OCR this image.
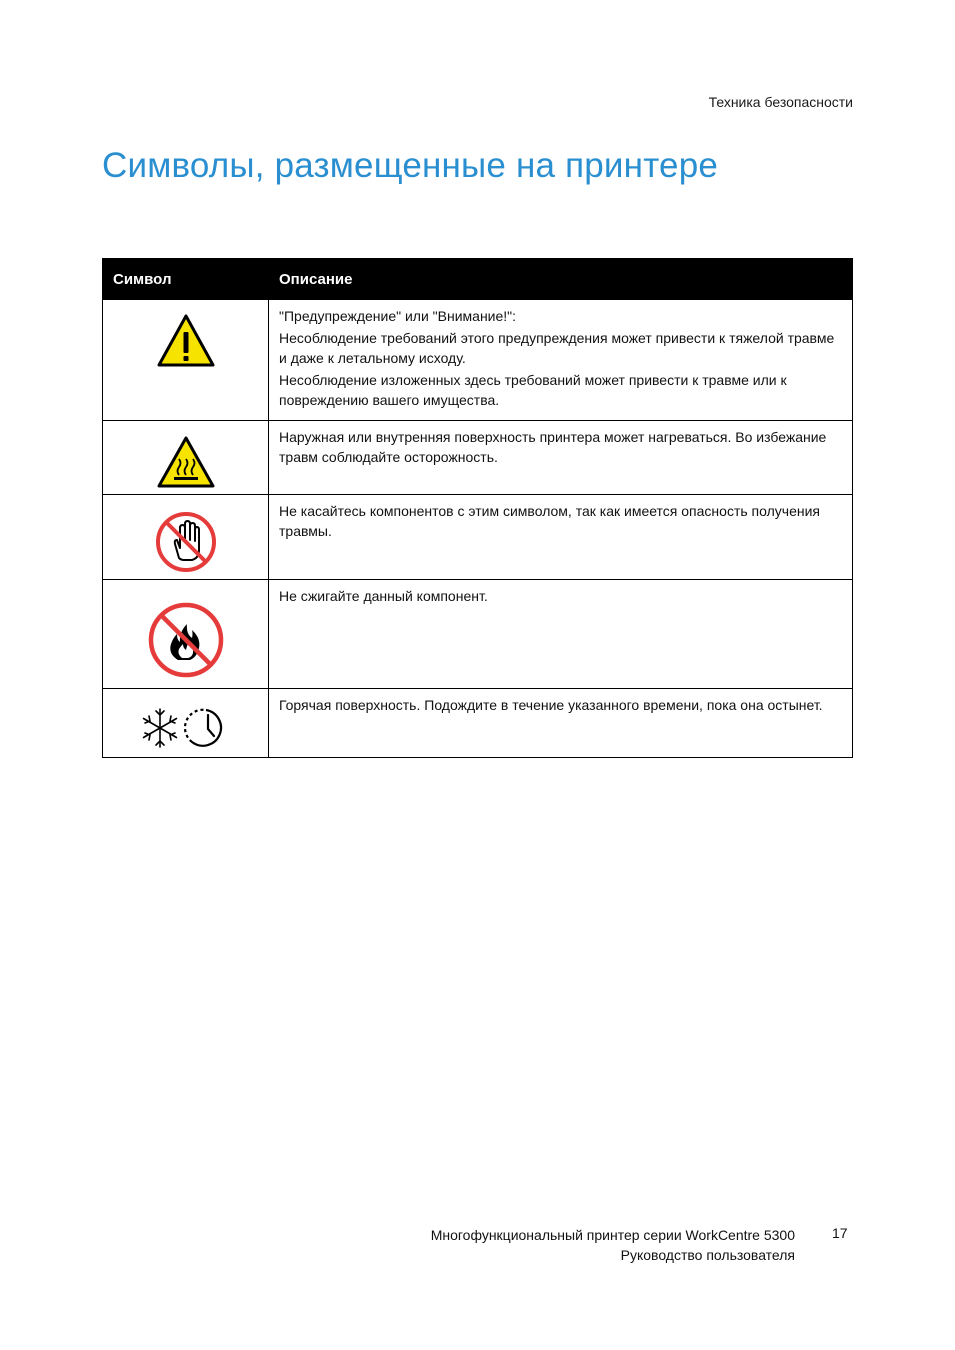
Техника безопасности
Символы, размещенные на принтере
Символ	Описание

"Предупреждение" или "Внимание!":
Несоблюдение требований этого предупреждения может привести к тяжелой травме и даже к летальному исходу.
Несоблюдение изложенных здесь требований может привести к травме или к повреждению вашего имущества.

Наружная или внутренняя поверхность принтера может нагреваться. Во избежание травм соблюдайте осторожность.

Не касайтесь компонентов с этим символом, так как имеется опасность получения травмы.

Не сжигайте данный компонент.

Горячая поверхность. Подождите в течение указанного времени, пока она остынет.
Многофункциональный принтер серии WorkCentre 5300
Руководство пользователя
17
